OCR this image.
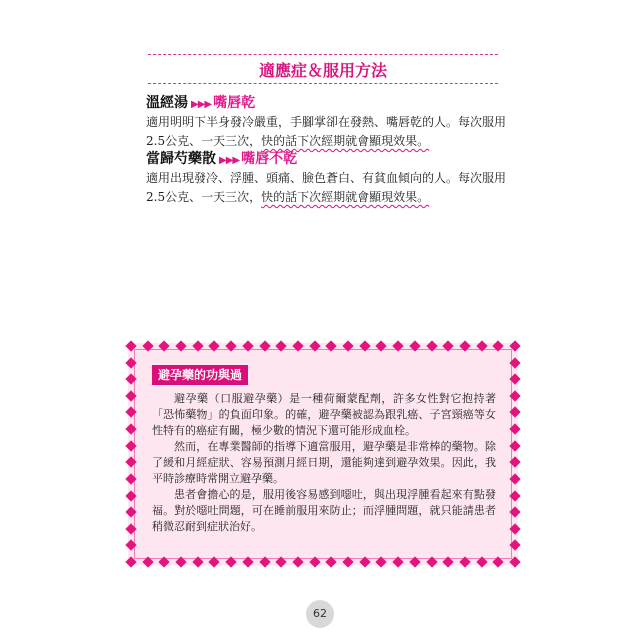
適應症＆服用方法
溫經湯 ▶▶▶ 嘴唇乾
適用明明下半身發冷嚴重，手腳掌卻在發熱、嘴唇乾的人。每次服用2.5公克、一天三次，快的話下次經期就會顯現效果。
當歸芍藥散 ▶▶▶ 嘴唇不乾
適用出現發冷、浮腫、頭痛、臉色蒼白、有貧血傾向的人。每次服用2.5公克、一天三次，快的話下次經期就會顯現效果。
避孕藥的功與過

避孕藥（口服避孕藥）是一種荷爾蒙配劑，許多女性對它抱持著「恐怖藥物」的負面印象。的確，避孕藥被認為跟乳癌、子宮頸癌等女性特有的癌症有關，極少數的情況下還可能形成血栓。

然而，在專業醫師的指導下適當服用，避孕藥是非常棒的藥物。除了緩和月經症狀、容易預測月經日期，還能夠達到避孕效果。因此，我平時診療時常開立避孕藥。

患者會擔心的是，服用後容易感到噁吐，與出現浮腫看起來有點發福。對於噁吐問題，可在睡前服用來防止；而浮腫問題，就只能請患者稍微忍耐到症狀治好。

62
